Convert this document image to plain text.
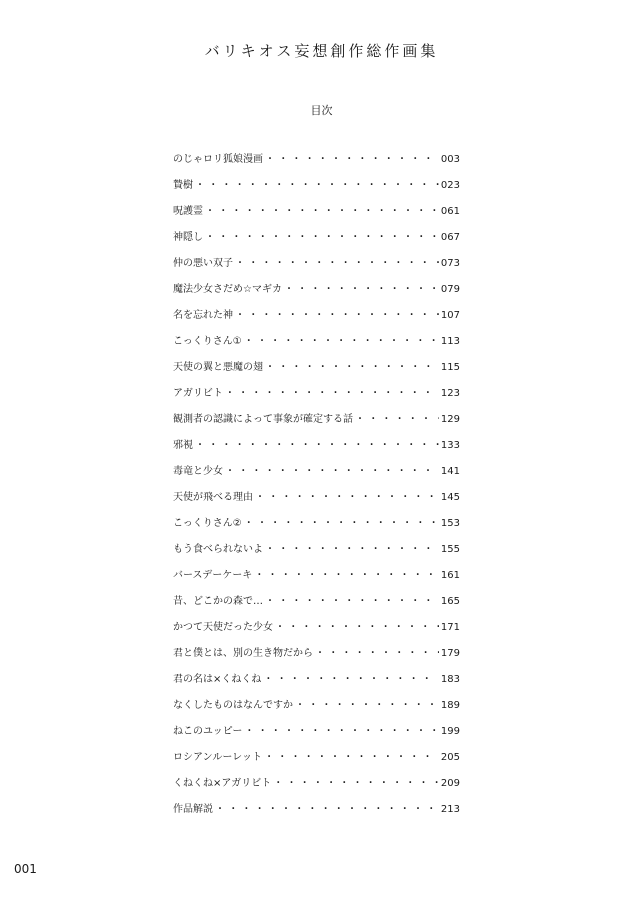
バリキオス妄想創作総作画集
目次
のじゃロリ狐娘漫画 ・・・・・・・・・・・・・・・・・・・・・・・・・・・・・・・・・・・・・・・・・・・・・・	003
贄樹 ・・・・・・・・・・・・・・・・・・・・・・・・・・・・・・・・・・・・・・・・・・・・・・	023
呪護霊 ・・・・・・・・・・・・・・・・・・・・・・・・・・・・・・・・・・・・・・・・・・・・・・	061
神隠し ・・・・・・・・・・・・・・・・・・・・・・・・・・・・・・・・・・・・・・・・・・・・・・	067
仲の悪い双子 ・・・・・・・・・・・・・・・・・・・・・・・・・・・・・・・・・・・・・・・・・・・・・・	073
魔法少女さだめ☆マギカ ・・・・・・・・・・・・・・・・・・・・・・・・・・・・・・・・・・・・・・・・・・・・・・	079
名を忘れた神 ・・・・・・・・・・・・・・・・・・・・・・・・・・・・・・・・・・・・・・・・・・・・・・	107
こっくりさん① ・・・・・・・・・・・・・・・・・・・・・・・・・・・・・・・・・・・・・・・・・・・・・・	113
天使の翼と悪魔の翅 ・・・・・・・・・・・・・・・・・・・・・・・・・・・・・・・・・・・・・・・・・・・・・・	115
アガリビト ・・・・・・・・・・・・・・・・・・・・・・・・・・・・・・・・・・・・・・・・・・・・・・	123
観測者の認識によって事象が確定する話 ・・・・・・・・・・・・・・・・・・・・・・・・・・・・・・・・・・・・・・・・・・・・・・	129
邪視 ・・・・・・・・・・・・・・・・・・・・・・・・・・・・・・・・・・・・・・・・・・・・・・	133
毒竜と少女 ・・・・・・・・・・・・・・・・・・・・・・・・・・・・・・・・・・・・・・・・・・・・・・	141
天使が飛べる理由 ・・・・・・・・・・・・・・・・・・・・・・・・・・・・・・・・・・・・・・・・・・・・・・	145
こっくりさん② ・・・・・・・・・・・・・・・・・・・・・・・・・・・・・・・・・・・・・・・・・・・・・・	153
もう食べられないよ ・・・・・・・・・・・・・・・・・・・・・・・・・・・・・・・・・・・・・・・・・・・・・・	155
バースデーケーキ ・・・・・・・・・・・・・・・・・・・・・・・・・・・・・・・・・・・・・・・・・・・・・・	161
昔、どこかの森で… ・・・・・・・・・・・・・・・・・・・・・・・・・・・・・・・・・・・・・・・・・・・・・・	165
かつて天使だった少女 ・・・・・・・・・・・・・・・・・・・・・・・・・・・・・・・・・・・・・・・・・・・・・・	171
君と僕とは、別の生き物だから ・・・・・・・・・・・・・・・・・・・・・・・・・・・・・・・・・・・・・・・・・・・・・・	179
君の名は×くねくね ・・・・・・・・・・・・・・・・・・・・・・・・・・・・・・・・・・・・・・・・・・・・・・	183
なくしたものはなんですか ・・・・・・・・・・・・・・・・・・・・・・・・・・・・・・・・・・・・・・・・・・・・・・	189
ねこのユッピー ・・・・・・・・・・・・・・・・・・・・・・・・・・・・・・・・・・・・・・・・・・・・・・	199
ロシアンルーレット ・・・・・・・・・・・・・・・・・・・・・・・・・・・・・・・・・・・・・・・・・・・・・・	205
くねくね×アガリビト ・・・・・・・・・・・・・・・・・・・・・・・・・・・・・・・・・・・・・・・・・・・・・・	209
作品解説 ・・・・・・・・・・・・・・・・・・・・・・・・・・・・・・・・・・・・・・・・・・・・・・	213
001
